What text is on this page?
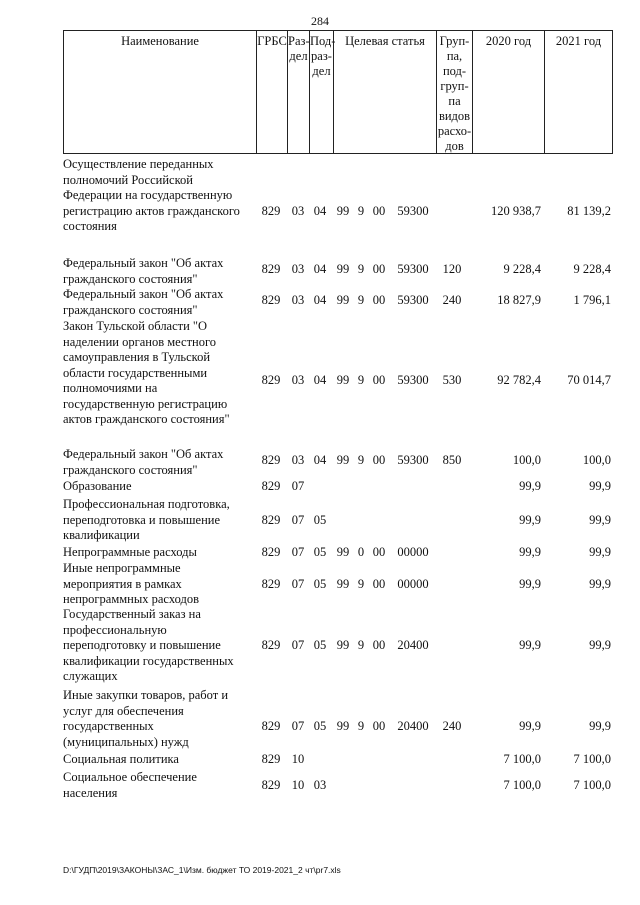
284
Наименование	ГРБС Раз-
дел
Под-
раз-
дел
Целевая статья	Груп-
па,
под-
груп-
па
видов
расхо-
дов
2020 год	2021 год
Осуществление переданных
полномочий Российской
Федерации на государственную
регистрацию актов гражданского
состояния
829 03 04 99 9 00 59300	120 938,7	81 139,2
Федеральный закон "Об актах
гражданского состояния"
829 03 04 99 9 00 59300	120	9 228,4	9 228,4
Федеральный закон "Об актах
гражданского состояния"
829 03 04 99 9 00 59300	240	18 827,9	1 796,1
Закон Тульской области "О
наделении органов местного
самоуправления в Тульской
области государственными
полномочиями на
государственную регистрацию
актов гражданского состояния"
829 03 04 99 9 00 59300	530	92 782,4	70 014,7
Федеральный закон "Об актах
гражданского состояния"
829 03 04 99 9 00 59300	850	100,0	100,0
Образование	829 07	99,9	99,9
Профессиональная подготовка,
переподготовка и повышение
квалификации
829 07 05	99,9	99,9
Непрограммные расходы	829 07 05 99 0 00 00000	99,9	99,9
Иные непрограммные
мероприятия в рамках
непрограммных расходов
829 07 05 99 9 00 00000	99,9	99,9
Государственный заказ на
профессиональную
переподготовку и повышение
квалификации государственных
служащих
829 07 05 99 9 00 20400	99,9	99,9
Иные закупки товаров, работ и
услуг для обеспечения
государственных
(муниципальных) нужд
829 07 05 99 9 00 20400	240	99,9	99,9
Социальная политика	829 10	7 100,0	7 100,0
Социальное обеспечение
населения
829 10 03	7 100,0	7 100,0
D:\ГУДП\2019\ЗАКОНЫ\ЗАС_1\Изм. бюджет ТО 2019-2021_2 чт\pr7.xls
